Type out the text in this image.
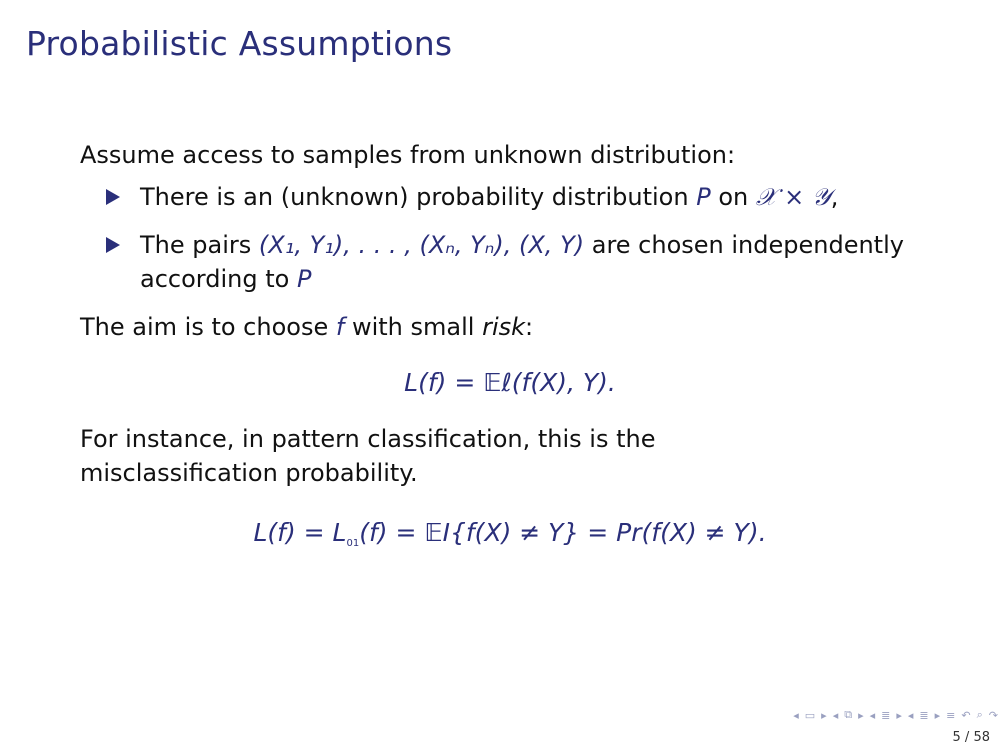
Probabilistic Assumptions

Assume access to samples from unknown distribution:

There is an (unknown) probability distribution P on 𝒳 × 𝒴,
The pairs (X₁, Y₁), . . . , (Xₙ, Yₙ), (X, Y) are chosen independently
according to P

The aim is to choose f with small risk:

L(f) = 𝔼ℓ(f(X), Y).

For instance, in pattern classification, this is the misclassification probability.

$L(f) = L_{01}(f)$ = 𝔼I{f(X) ≠ Y} = Pr(f(X) ≠ Y).
◂ ▭ ▸ ◂ ⧉ ▸ ◂ ≣ ▸ ◂ ≣ ▸ ≡ ↶ ⌕ ↷
5 / 58
